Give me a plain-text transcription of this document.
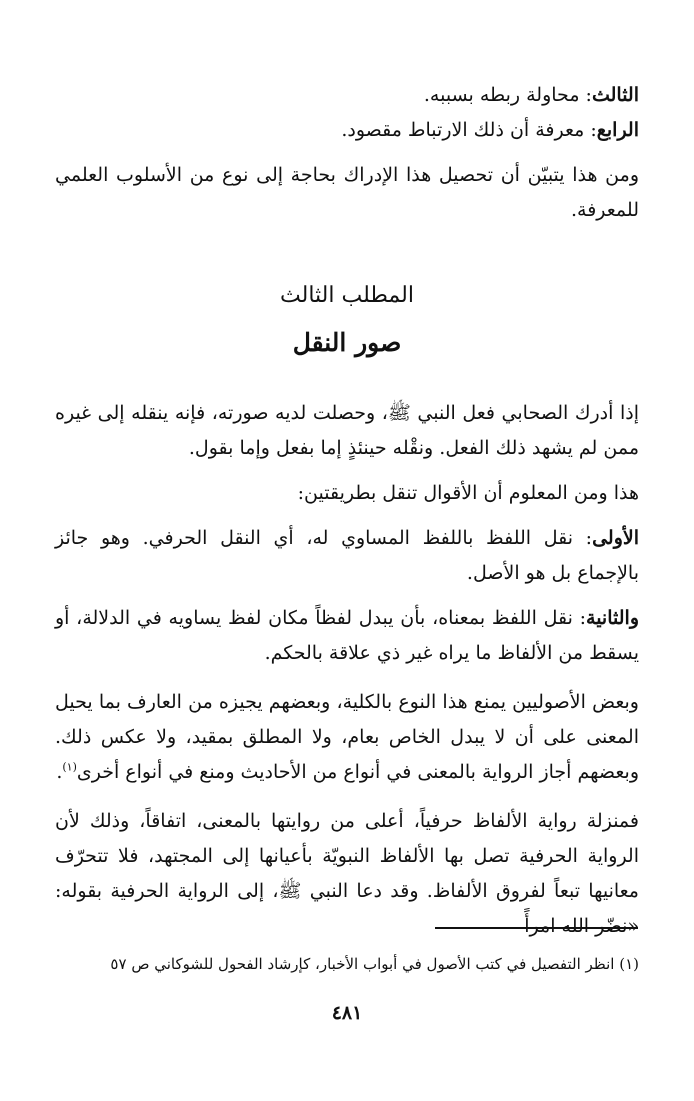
الثالث: محاولة ربطه بسببه.

الرابع: معرفة أن ذلك الارتباط مقصود.

ومن هذا يتبيّن أن تحصيل هذا الإدراك بحاجة إلى نوع من الأسلوب العلمي للمعرفة.

المطلب الثالث
صور النقل

إذا أدرك الصحابي فعل النبي ﷺ، وحصلت لديه صورته، فإنه ينقله إلى غيره ممن لم يشهد ذلك الفعل. ونقْله حينئذٍ إما بفعل وإما بقول.

هذا ومن المعلوم أن الأقوال تنقل بطريقتين:

الأولى: نقل اللفظ باللفظ المساوي له، أي النقل الحرفي. وهو جائز بالإجماع بل هو الأصل.

والثانية: نقل اللفظ بمعناه، بأن يبدل لفظاً مكان لفظ يساويه في الدلالة، أو يسقط من الألفاظ ما يراه غير ذي علاقة بالحكم.

وبعض الأصوليين يمنع هذا النوع بالكلية، وبعضهم يجيزه من العارف بما يحيل المعنى على أن لا يبدل الخاص بعام، ولا المطلق بمقيد، ولا عكس ذلك. وبعضهم أجاز الرواية بالمعنى في أنواع من الأحاديث ومنع في أنواع أخرى$^{(١)}$.

فمنزلة رواية الألفاظ حرفياً، أعلى من روايتها بالمعنى، اتفاقاً، وذلك لأن الرواية الحرفية تصل بها الألفاظ النبويّة بأعيانها إلى المجتهد، فلا تتحرّف معانيها تبعاً لفروق الألفاظ. وقد دعا النبي ﷺ، إلى الرواية الحرفية بقوله: «نضّر الله امرأً

(١) انظر التفصيل في كتب الأصول في أبواب الأخبار، كإرشاد الفحول للشوكاني ص ٥٧
٤٨١
